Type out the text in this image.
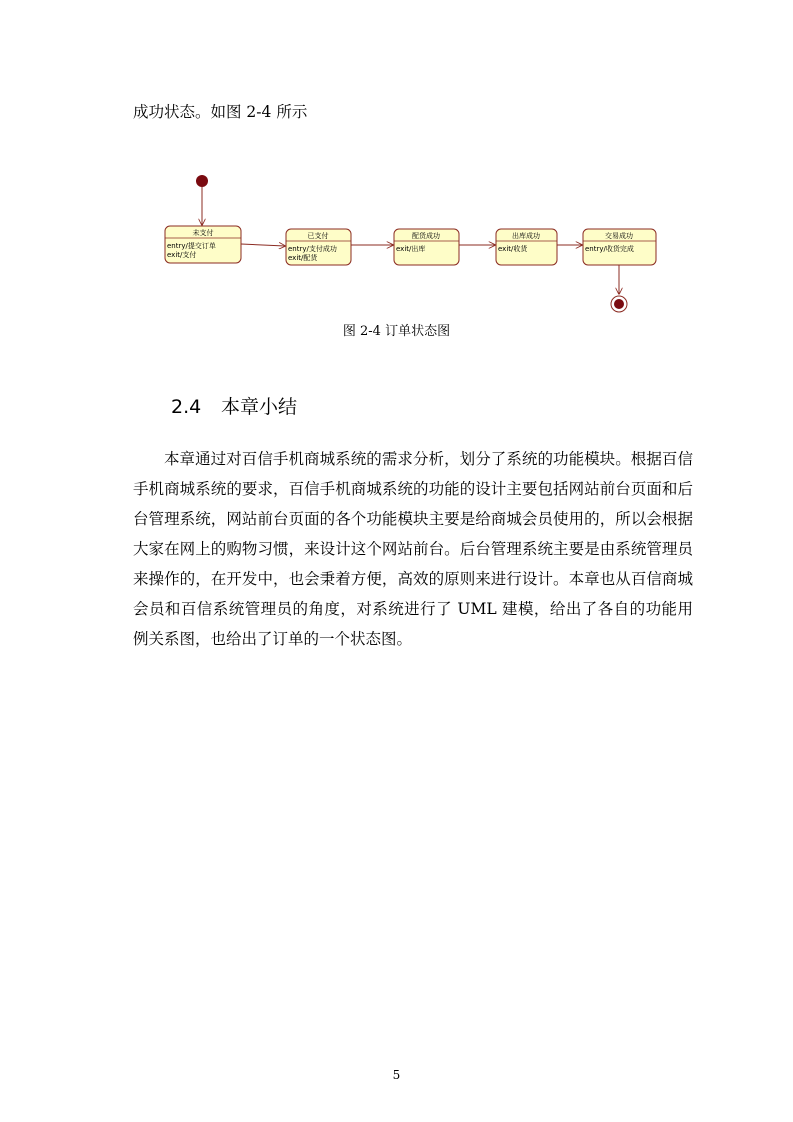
成功状态。如图 2-4 所示

未支付
entry/提交订单
exit/支付
已支付
entry/支付成功
exit/配货
配货成功
exit/出库
出库成功
exit/收货
交易成功
entry/收货完成
图 2-4 订单状态图
2.4 本章小结

本章通过对百信手机商城系统的需求分析，划分了系统的功能模块。根据百信手机商城系统的要求，百信手机商城系统的功能的设计主要包括网站前台页面和后台管理系统，网站前台页面的各个功能模块主要是给商城会员使用的，所以会根据大家在网上的购物习惯，来设计这个网站前台。后台管理系统主要是由系统管理员来操作的，在开发中，也会秉着方便，高效的原则来进行设计。本章也从百信商城会员和百信系统管理员的角度，对系统进行了 UML 建模，给出了各自的功能用例关系图，也给出了订单的一个状态图。

5
